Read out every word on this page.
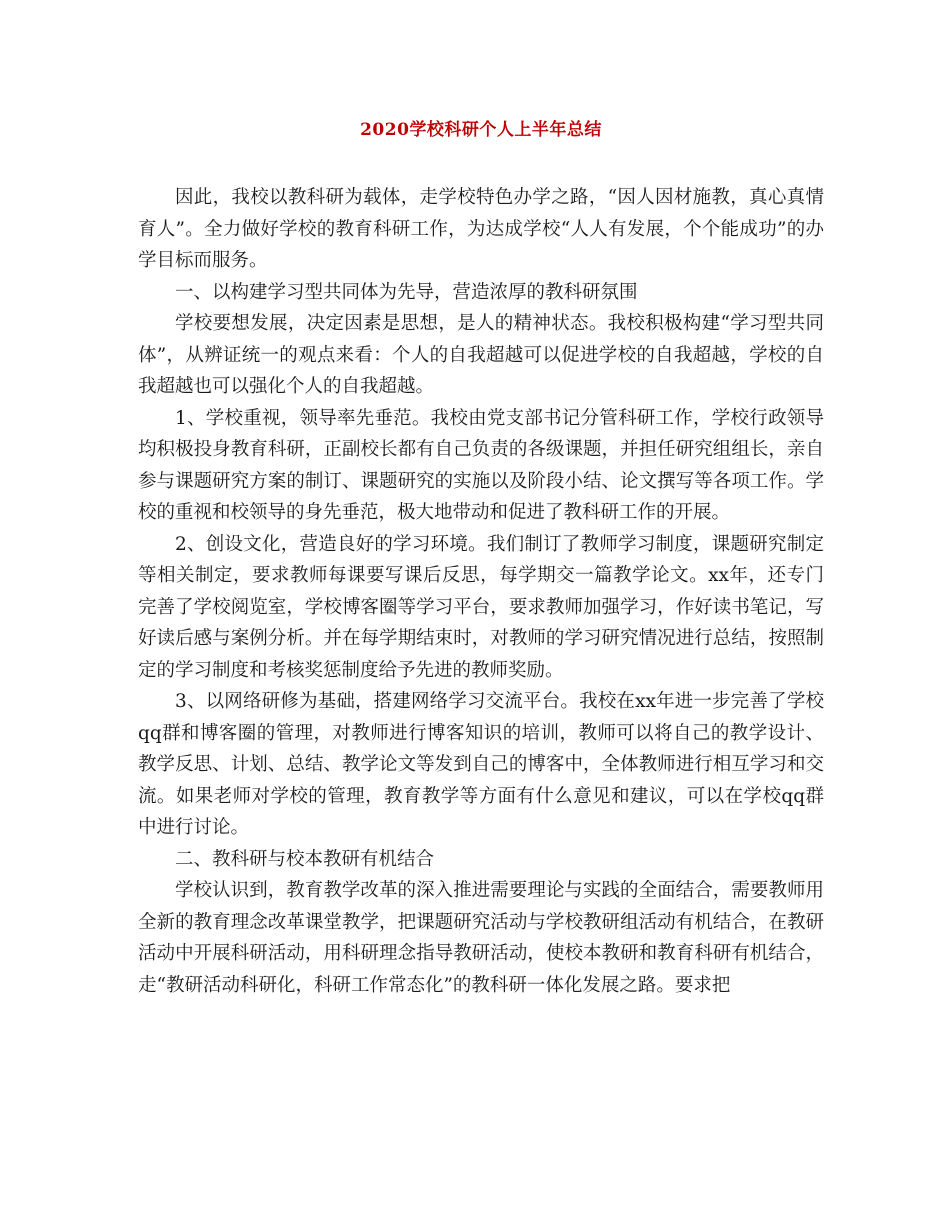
2020学校科研个人上半年总结

因此，我校以教科研为载体，走学校特色办学之路，“因人因材施教，真心真情育人”。全力做好学校的教育科研工作，为达成学校“人人有发展，个个能成功”的办学目标而服务。

一、以构建学习型共同体为先导，营造浓厚的教科研氛围

学校要想发展，决定因素是思想，是人的精神状态。我校积极构建“学习型共同体”，从辨证统一的观点来看：个人的自我超越可以促进学校的自我超越，学校的自我超越也可以强化个人的自我超越。

1、学校重视，领导率先垂范。我校由党支部书记分管科研工作，学校行政领导均积极投身教育科研，正副校长都有自己负责的各级课题，并担任研究组组长，亲自参与课题研究方案的制订、课题研究的实施以及阶段小结、论文撰写等各项工作。学校的重视和校领导的身先垂范，极大地带动和促进了教科研工作的开展。

2、创设文化，营造良好的学习环境。我们制订了教师学习制度，课题研究制定等相关制定，要求教师每课要写课后反思，每学期交一篇教学论文。xx年，还专门完善了学校阅览室，学校博客圈等学习平台，要求教师加强学习，作好读书笔记，写好读后感与案例分析。并在每学期结束时，对教师的学习研究情况进行总结，按照制定的学习制度和考核奖惩制度给予先进的教师奖励。

3、以网络研修为基础，搭建网络学习交流平台。我校在xx年进一步完善了学校qq群和博客圈的管理，对教师进行博客知识的培训，教师可以将自己的教学设计、教学反思、计划、总结、教学论文等发到自己的博客中，全体教师进行相互学习和交流。如果老师对学校的管理，教育教学等方面有什么意见和建议，可以在学校qq群中进行讨论。

二、教科研与校本教研有机结合

学校认识到，教育教学改革的深入推进需要理论与实践的全面结合，需要教师用全新的教育理念改革课堂教学，把课题研究活动与学校教研组活动有机结合，在教研活动中开展科研活动，用科研理念指导教研活动，使校本教研和教育科研有机结合，走“教研活动科研化，科研工作常态化”的教科研一体化发展之路。要求把
